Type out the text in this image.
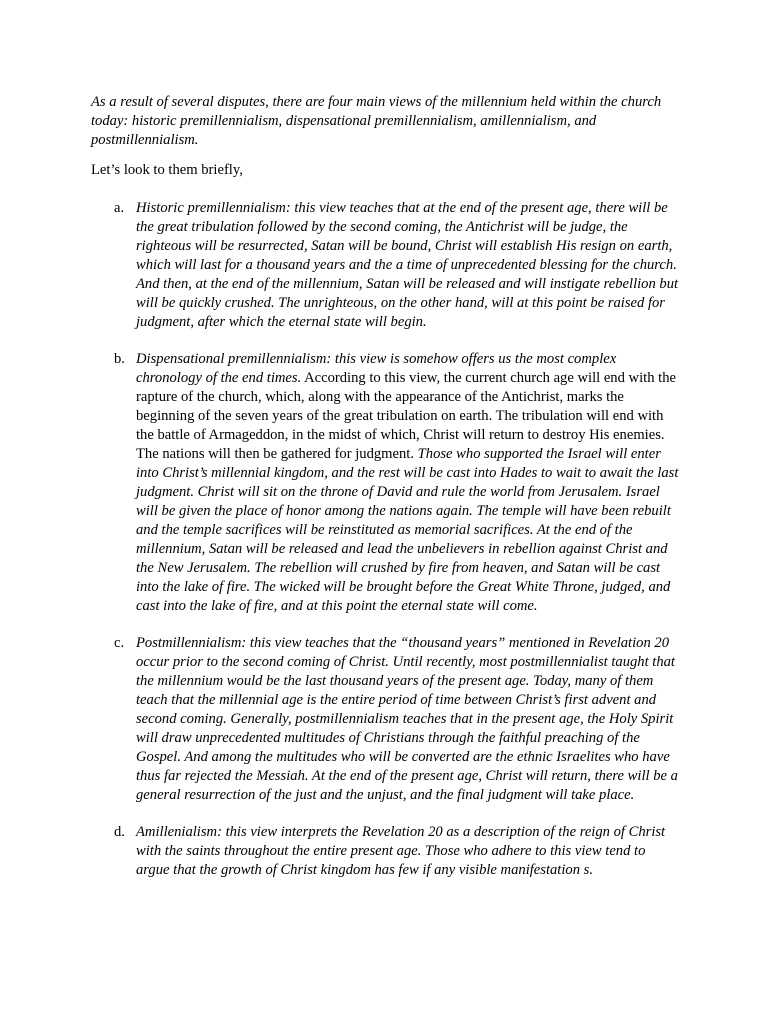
As a result of several disputes, there are four main views of the millennium held within the church today: historic premillennialism, dispensational premillennialism, amillennialism, and postmillennialism.

Let’s look to them briefly,

a. Historic premillennialism: this view teaches that at the end of the present age, there will be the great tribulation followed by the second coming, the Antichrist will be judge, the righteous will be resurrected, Satan will be bound, Christ will establish His resign on earth, which will last for a thousand years and the a time of unprecedented blessing for the church. And then, at the end of the millennium, Satan will be released and will instigate rebellion but will be quickly crushed. The unrighteous, on the other hand, will at this point be raised for judgment, after which the eternal state will begin.
b. Dispensational premillennialism: this view is somehow offers us the most complex chronology of the end times. According to this view, the current church age will end with the rapture of the church, which, along with the appearance of the Antichrist, marks the beginning of the seven years of the great tribulation on earth. The tribulation will end with the battle of Armageddon, in the midst of which, Christ will return to destroy His enemies. The nations will then be gathered for judgment. Those who supported the Israel will enter into Christ’s millennial kingdom, and the rest will be cast into Hades to wait to await the last judgment. Christ will sit on the throne of David and rule the world from Jerusalem. Israel will be given the place of honor among the nations again. The temple will have been rebuilt and the temple sacrifices will be reinstituted as memorial sacrifices. At the end of the millennium, Satan will be released and lead the unbelievers in rebellion against Christ and the New Jerusalem. The rebellion will crushed by fire from heaven, and Satan will be cast into the lake of fire. The wicked will be brought before the Great White Throne, judged, and cast into the lake of fire, and at this point the eternal state will come.
c. Postmillennialism: this view teaches that the “thousand years” mentioned in Revelation 20 occur prior to the second coming of Christ. Until recently, most postmillennialist taught that the millennium would be the last thousand years of the present age. Today, many of them teach that the millennial age is the entire period of time between Christ’s first advent and second coming. Generally, postmillennialism teaches that in the present age, the Holy Spirit will draw unprecedented multitudes of Christians through the faithful preaching of the Gospel. And among the multitudes who will be converted are the ethnic Israelites who have thus far rejected the Messiah. At the end of the present age, Christ will return, there will be a general resurrection of the just and the unjust, and the final judgment will take place.
d. Amillenialism: this view interprets the Revelation 20 as a description of the reign of Christ with the saints throughout the entire present age. Those who adhere to this view tend to argue that the growth of Christ kingdom has few if any visible manifestation s.
